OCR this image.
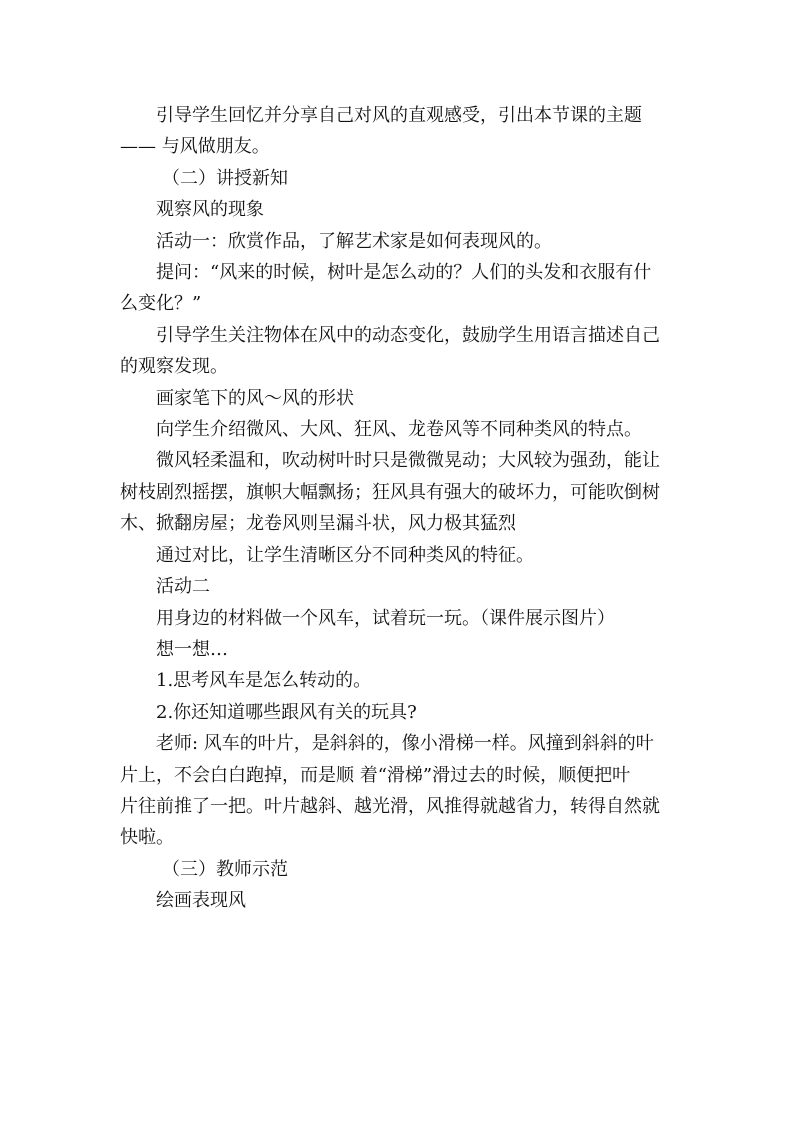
引导学生回忆并分享自己对风的直观感受，引出本节课的主题
—— 与风做朋友。

（二）讲授新知

观察风的现象

活动一：欣赏作品，了解艺术家是如何表现风的。

提问：“风来的时候，树叶是怎么动的？人们的头发和衣服有什
么变化？”

引导学生关注物体在风中的动态变化，鼓励学生用语言描述自己
的观察发现。

画家笔下的风～风的形状

向学生介绍微风、大风、狂风、龙卷风等不同种类风的特点。

微风轻柔温和，吹动树叶时只是微微晃动；大风较为强劲，能让
树枝剧烈摇摆，旗帜大幅飘扬；狂风具有强大的破坏力，可能吹倒树
木、掀翻房屋；龙卷风则呈漏斗状，风力极其猛烈

通过对比，让学生清晰区分不同种类风的特征。

活动二

用身边的材料做一个风车，试着玩一玩。（课件展示图片）

想一想…

1.思考风车是怎么转动的。

2.你还知道哪些跟风有关的玩具?

老师: 风车的叶片，是斜斜的，像小滑梯一样。风撞到斜斜的叶
片上，不会白白跑掉，而是顺 着“滑梯”滑过去的时候，顺便把叶
片往前推了一把。叶片越斜、越光滑，风推得就越省力，转得自然就
快啦。

（三）教师示范

绘画表现风
